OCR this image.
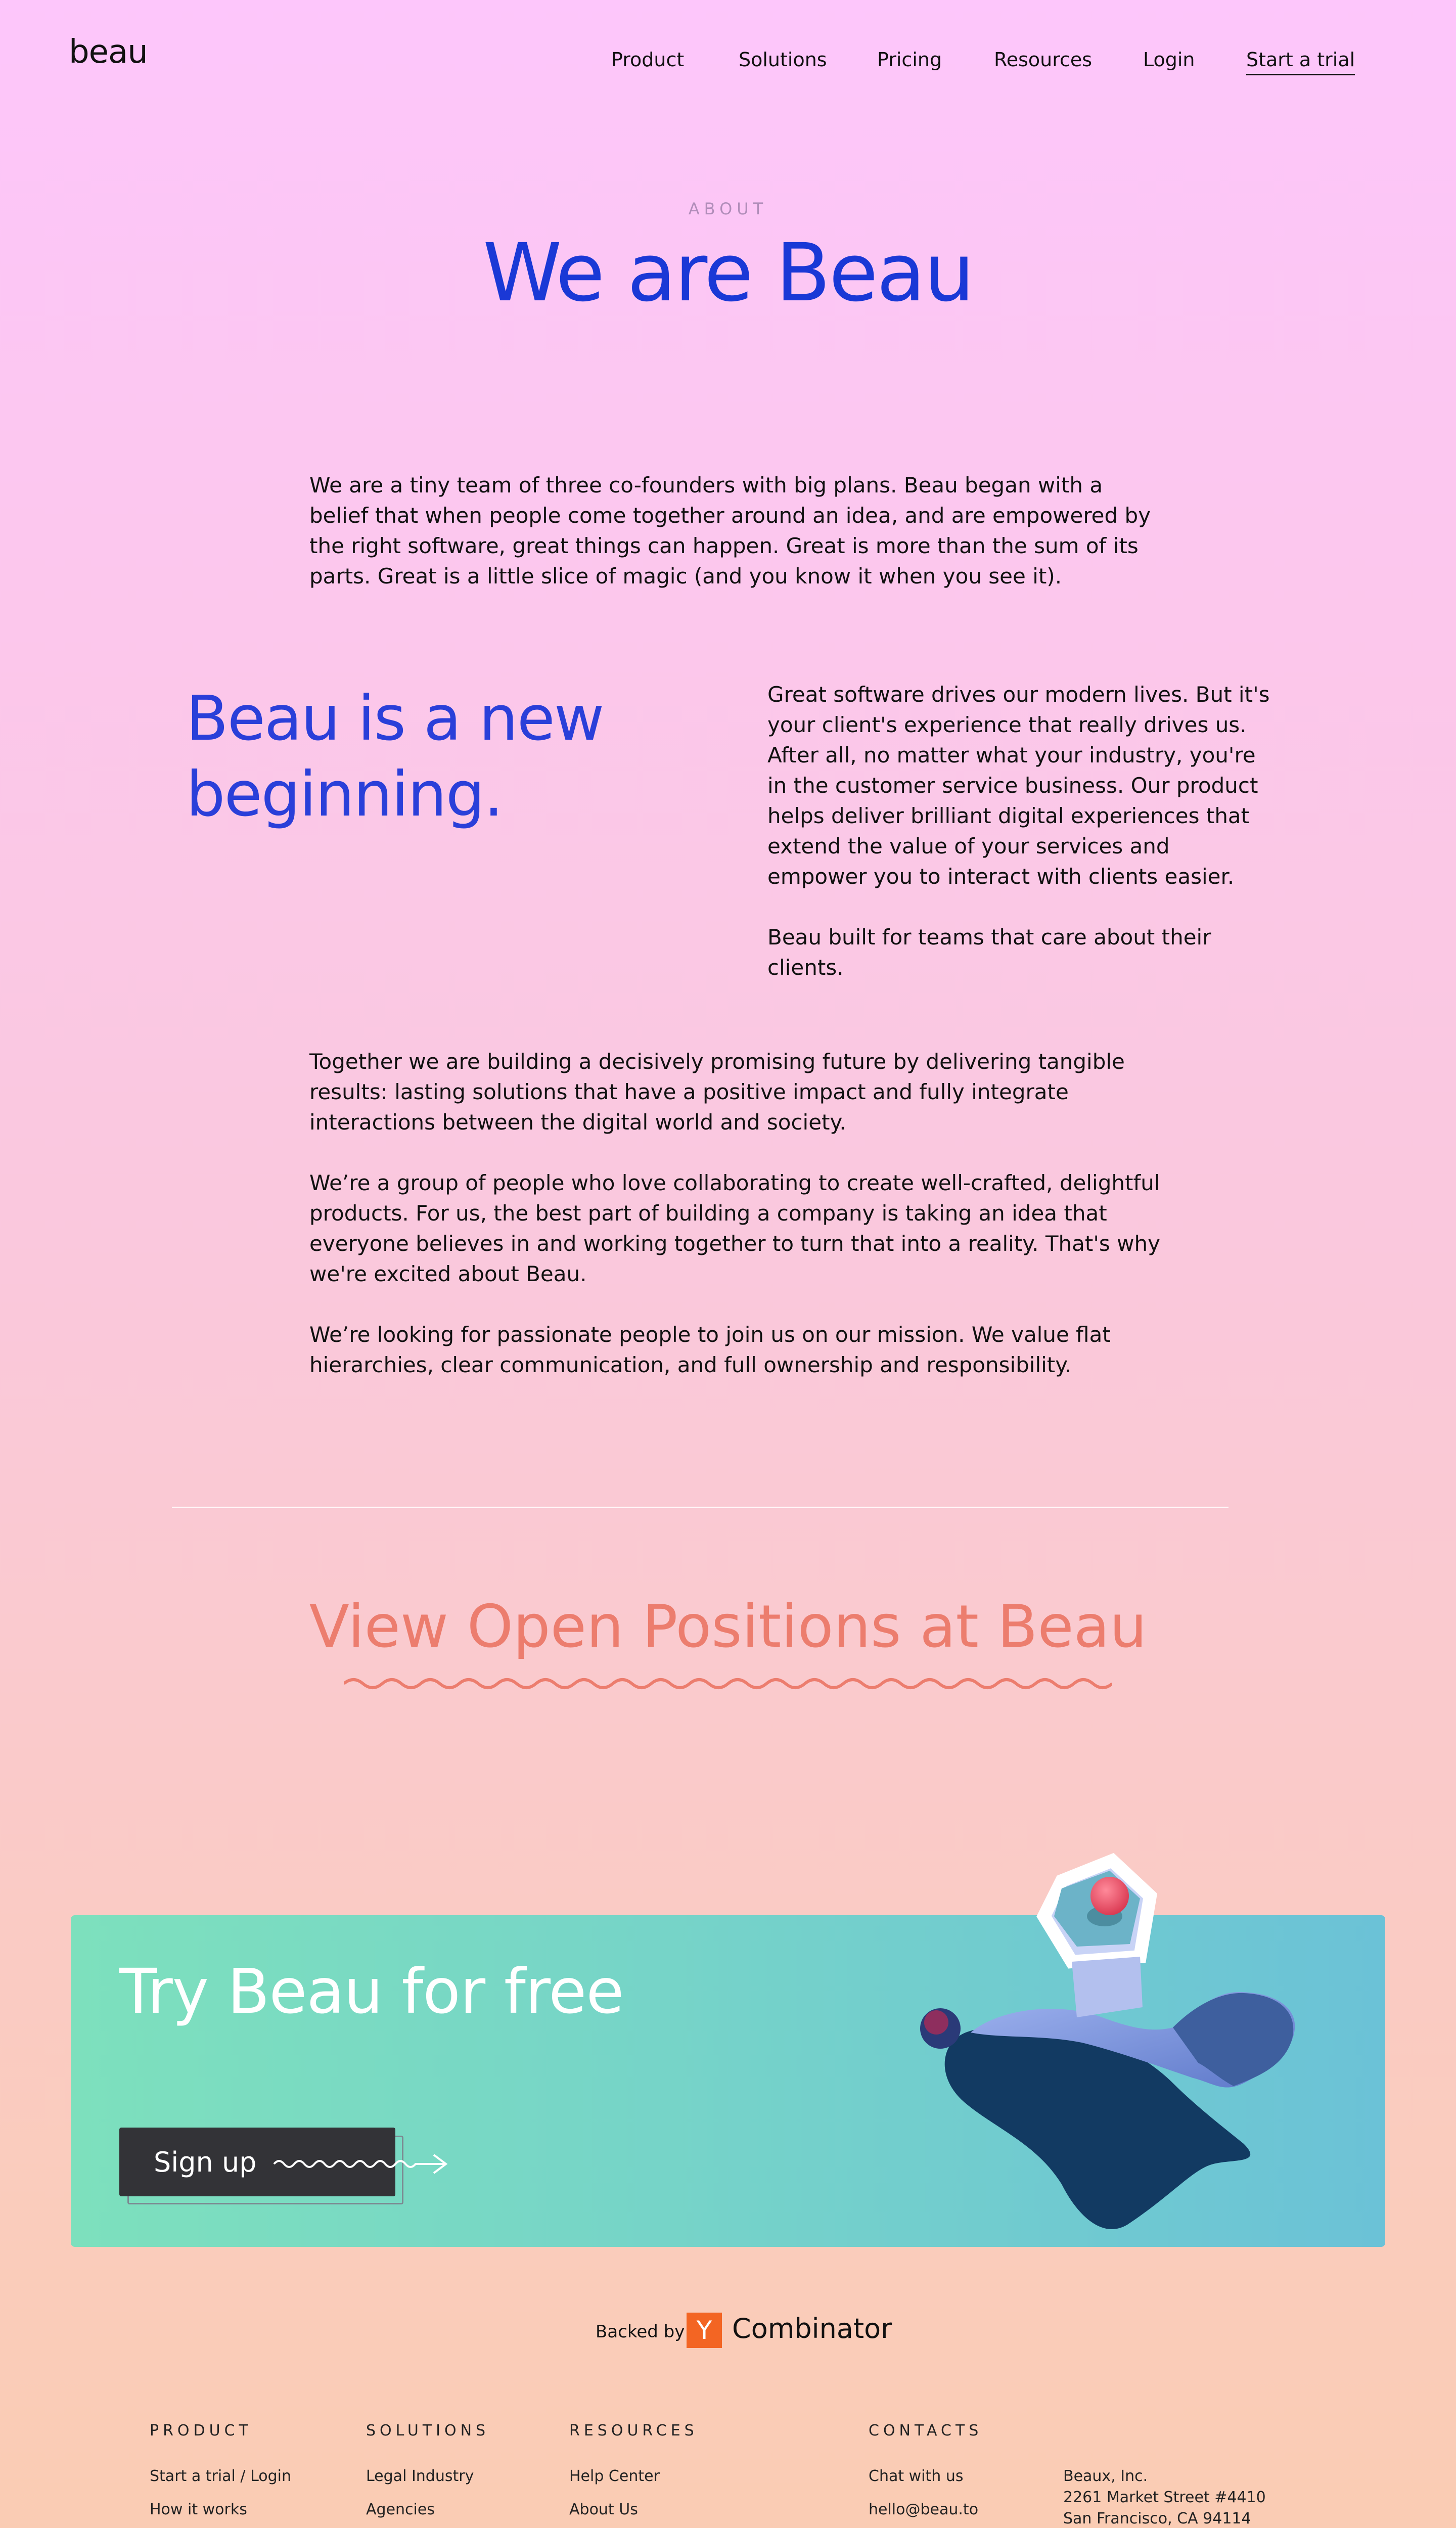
beau	Product	Solutions	Pricing	Resources	Login	Start a trial
ABOUT
We are Beau
We are a tiny team of three co-founders with big plans. Beau began with a belief that when people come together around an idea, and are empowered by the right software, great things can happen. Great is more than the sum of its parts. Great is a little slice of magic (and you know it when you see it).
Beau is a new beginning.

Great software drives our modern lives. But it's your client's experience that really drives us. After all, no matter what your industry, you're in the customer service business. Our product helps deliver brilliant digital experiences that extend the value of your services and empower you to interact with clients easier.

Beau built for teams that care about their clients.

Together we are building a decisively promising future by delivering tangible results: lasting solutions that have a positive impact and fully integrate interactions between the digital world and society.

We’re a group of people who love collaborating to create well-crafted, delightful products. For us, the best part of building a company is taking an idea that everyone believes in and working together to turn that into a reality. That's why we're excited about Beau.

We’re looking for passionate people to join us on our mission. We value flat hierarchies, clear communication, and full ownership and responsibility.

View Open Positions at Beau
Try Beau for free
Sign up
Backed by Y Combinator
PRODUCT
Start a trial / Login
How it works
SOLUTIONS
Legal Industry
Agencies
RESOURCES
Help Center
About Us
CONTACTS
Chat with us
hello@beau.to
Beaux, Inc.
2261 Market Street #4410
San Francisco, CA 94114
